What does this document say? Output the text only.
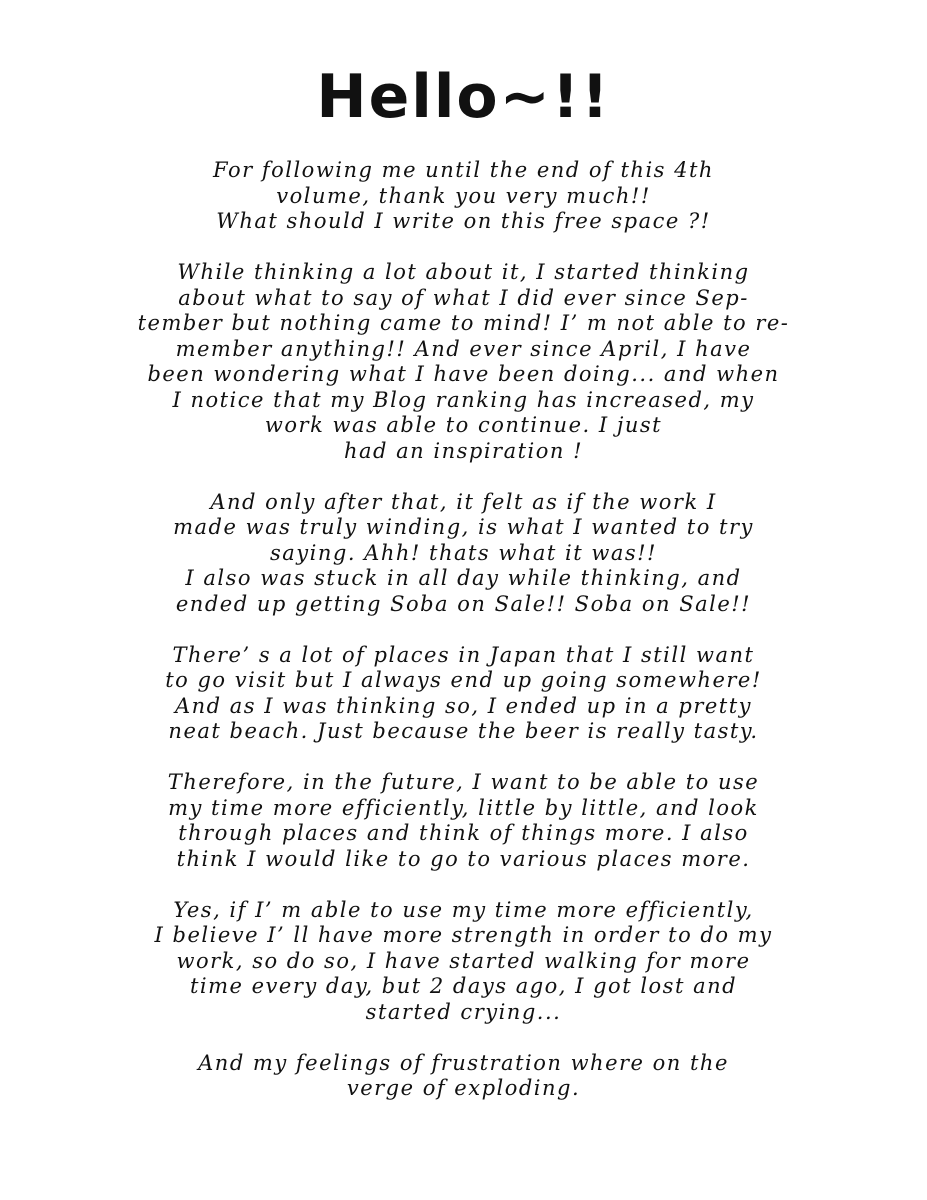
Hello~!!

For following me until the end of this 4th
volume, thank you very much!!
What should I write on this free space ?!

While thinking a lot about it, I started thinking
about what to say of what I did ever since Sep-
tember but nothing came to mind! I’ m not able to re-
member anything!! And ever since April, I have
been wondering what I have been doing... and when
I notice that my Blog ranking has increased, my
work was able to continue. I just
had an inspiration !

And only after that, it felt as if the work I
made was truly winding, is what I wanted to try
saying. Ahh! thats what it was!!
I also was stuck in all day while thinking, and
ended up getting Soba on Sale!! Soba on Sale!!

There’ s a lot of places in Japan that I still want
to go visit but I always end up going somewhere!
And as I was thinking so, I ended up in a pretty
neat beach. Just because the beer is really tasty.

Therefore, in the future, I want to be able to use
my time more efficiently, little by little, and look
through places and think of things more. I also
think I would like to go to various places more.

Yes, if I’ m able to use my time more efficiently,
I believe I’ ll have more strength in order to do my
work, so do so, I have started walking for more
time every day, but 2 days ago, I got lost and
started crying...

And my feelings of frustration where on the
verge of exploding.
